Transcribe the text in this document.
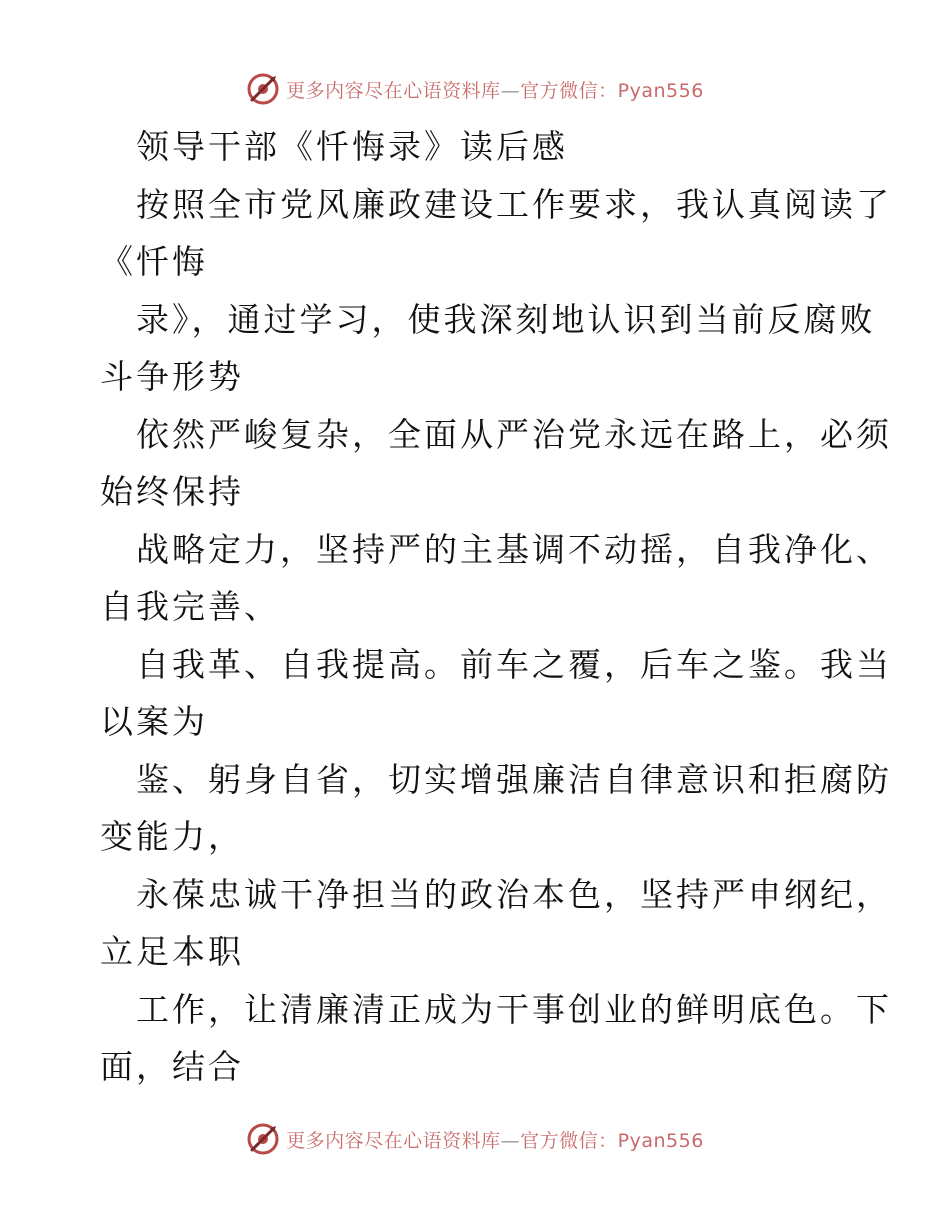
更多内容尽在心语资料库—官方微信：Pyan556
领导干部《忏悔录》读后感
按照全市党风廉政建设工作要求，我认真阅读了
《忏悔
录》，通过学习，使我深刻地认识到当前反腐败
斗争形势
依然严峻复杂，全面从严治党永远在路上，必须
始终保持
战略定力，坚持严的主基调不动摇，自我净化、
自我完善、
自我革、自我提高。前车之覆，后车之鉴。我当
以案为
鉴、躬身自省，切实增强廉洁自律意识和拒腐防
变能力，
永葆忠诚干净担当的政治本色，坚持严申纲纪，
立足本职
工作，让清廉清正成为干事创业的鲜明底色。下
面，结合
更多内容尽在心语资料库—官方微信：Pyan556
